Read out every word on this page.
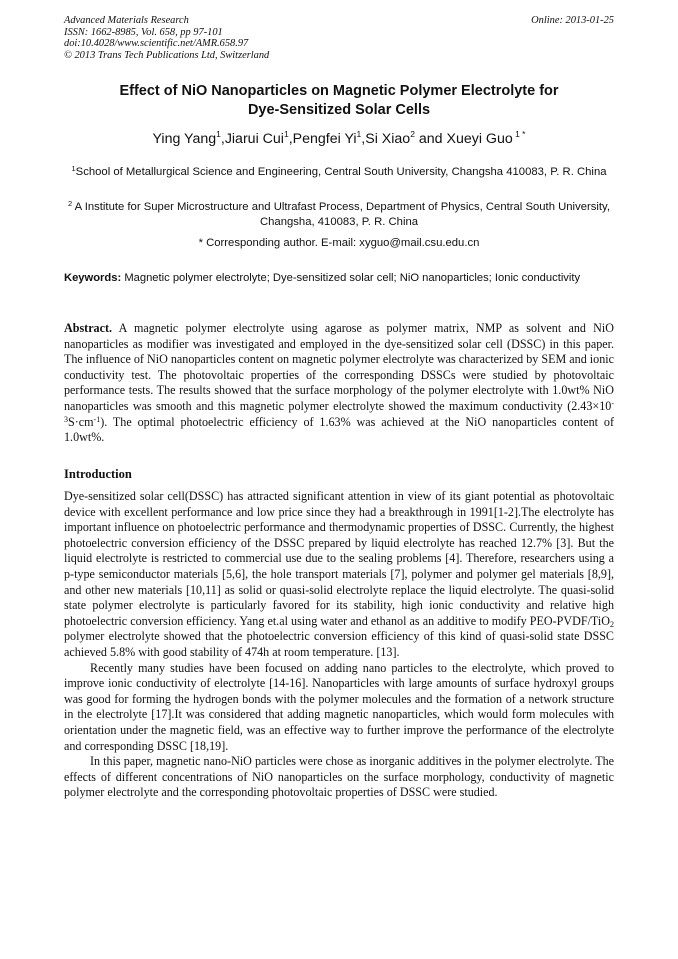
Advanced Materials Research
ISSN: 1662-8985, Vol. 658, pp 97-101
doi:10.4028/www.scientific.net/AMR.658.97
© 2013 Trans Tech Publications Ltd, Switzerland
Online: 2013-01-25
Effect of NiO Nanoparticles on Magnetic Polymer Electrolyte for
Dye-Sensitized Solar Cells
Ying Yang$^1$,Jiarui Cui$^1$,Pengfei Yi$^1$,Si Xiao$^2$ and Xueyi Guo $^{1 *}$
$^1$School of Metallurgical Science and Engineering, Central South University, Changsha 410083, P. R. China
$^2$ A Institute for Super Microstructure and Ultrafast Process, Department of Physics, Central South University, Changsha, 410083, P. R. China
* Corresponding author. E-mail: xyguo@mail.csu.edu.cn
Keywords: Magnetic polymer electrolyte; Dye-sensitized solar cell; NiO nanoparticles; Ionic conductivity
Abstract. A magnetic polymer electrolyte using agarose as polymer matrix, NMP as solvent and NiO nanoparticles as modifier was investigated and employed in the dye-sensitized solar cell (DSSC) in this paper. The influence of NiO nanoparticles content on magnetic polymer electrolyte was characterized by SEM and ionic conductivity test. The photovoltaic properties of the corresponding DSSCs were studied by photovoltaic performance tests. The results showed that the surface morphology of the polymer electrolyte with 1.0wt% NiO nanoparticles was smooth and this magnetic polymer electrolyte showed the maximum conductivity $(2.43\times 10^{-3}S\cdot cm^{-1})$. The optimal photoelectric efficiency of 1.63% was achieved at the NiO nanoparticles content of 1.0wt%.
Introduction

Dye-sensitized solar cell(DSSC) has attracted significant attention in view of its giant potential as photovoltaic device with excellent performance and low price since they had a breakthrough in 1991[1-2].The electrolyte has important influence on photoelectric performance and thermodynamic properties of DSSC. Currently, the highest photoelectric conversion efficiency of the DSSC prepared by liquid electrolyte has reached 12.7% [3]. But the liquid electrolyte is restricted to commercial use due to the sealing problems [4]. Therefore, researchers using a p-type semiconductor materials [5,6], the hole transport materials [7], polymer and polymer gel materials [8,9], and other new materials [10,11] as solid or quasi-solid electrolyte replace the liquid electrolyte. The quasi-solid state polymer electrolyte is particularly favored for its stability, high ionic conductivity and relative high photoelectric conversion efficiency. Yang et.al using water and ethanol as an additive to modify PEO-PVDF/TiO$_2$ polymer electrolyte showed that the photoelectric conversion efficiency of this kind of quasi-solid state DSSC achieved 5.8% with good stability of 474h at room temperature. [13].

Recently many studies have been focused on adding nano particles to the electrolyte, which proved to improve ionic conductivity of electrolyte [14-16]. Nanoparticles with large amounts of surface hydroxyl groups was good for forming the hydrogen bonds with the polymer molecules and the formation of a network structure in the electrolyte [17].It was considered that adding magnetic nanoparticles, which would form molecules with orientation under the magnetic field, was an effective way to further improve the performance of the electrolyte and corresponding DSSC [18,19].

In this paper, magnetic nano-NiO particles were chose as inorganic additives in the polymer electrolyte. The effects of different concentrations of NiO nanoparticles on the surface morphology, conductivity of magnetic polymer electrolyte and the corresponding photovoltaic properties of DSSC were studied.
